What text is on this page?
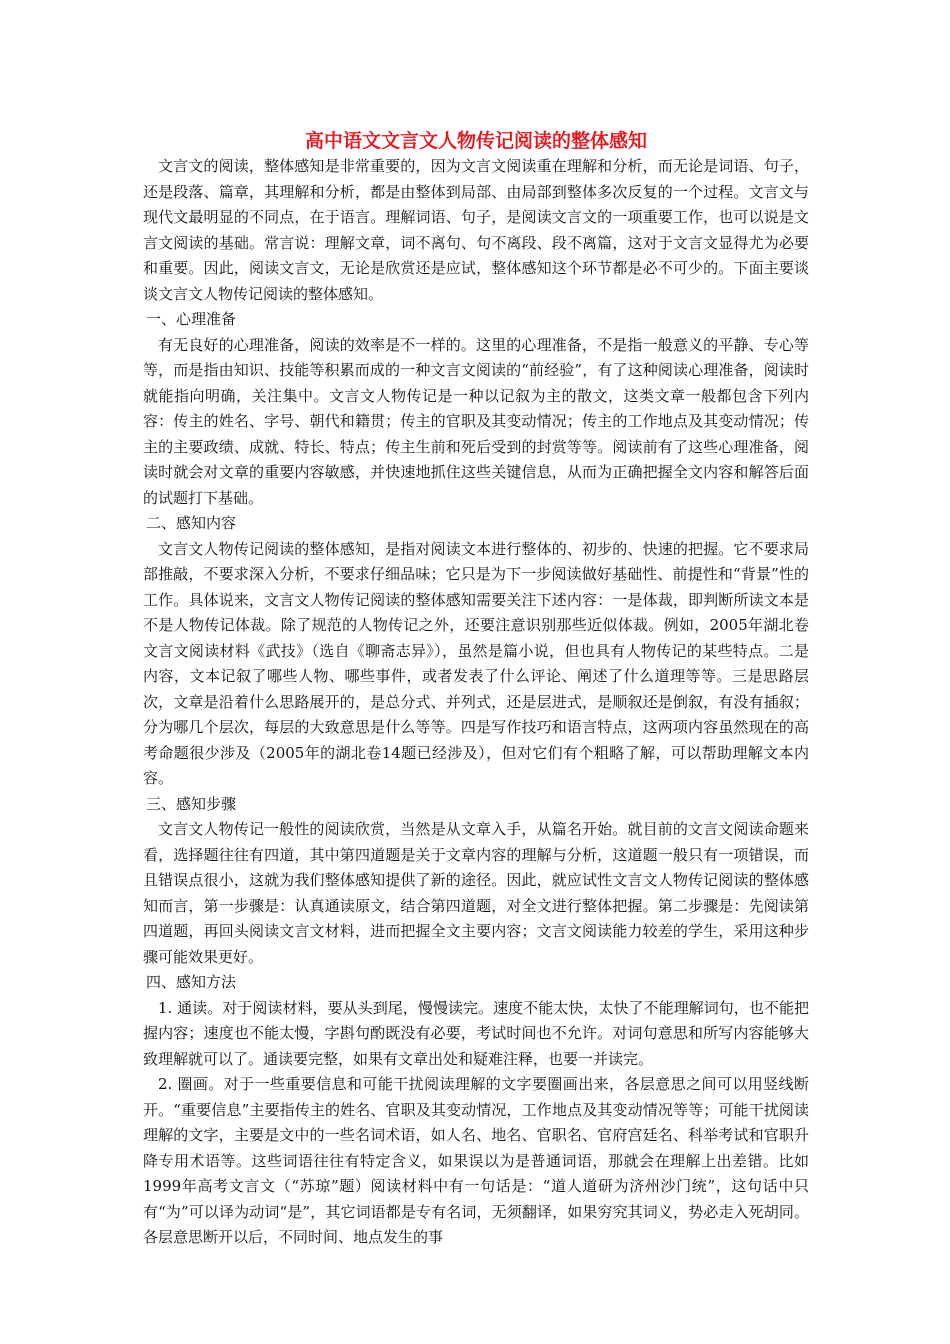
高中语文文言文人物传记阅读的整体感知

文言文的阅读，整体感知是非常重要的，因为文言文阅读重在理解和分析，而无论是词语、句子，还是段落、篇章，其理解和分析，都是由整体到局部、由局部到整体多次反复的一个过程。文言文与现代文最明显的不同点，在于语言。理解词语、句子，是阅读文言文的一项重要工作，也可以说是文言文阅读的基础。常言说：理解文章，词不离句、句不离段、段不离篇，这对于文言文显得尤为必要和重要。因此，阅读文言文，无论是欣赏还是应试，整体感知这个环节都是必不可少的。下面主要谈谈文言文人物传记阅读的整体感知。

一、心理准备

有无良好的心理准备，阅读的效率是不一样的。这里的心理准备，不是指一般意义的平静、专心等等，而是指由知识、技能等积累而成的一种文言文阅读的“前经验”，有了这种阅读心理准备，阅读时就能指向明确，关注集中。文言文人物传记是一种以记叙为主的散文，这类文章一般都包含下列内容：传主的姓名、字号、朝代和籍贯；传主的官职及其变动情况；传主的工作地点及其变动情况；传主的主要政绩、成就、特长、特点；传主生前和死后受到的封赏等等。阅读前有了这些心理准备，阅读时就会对文章的重要内容敏感，并快速地抓住这些关键信息，从而为正确把握全文内容和解答后面的试题打下基础。

二、感知内容

文言文人物传记阅读的整体感知，是指对阅读文本进行整体的、初步的、快速的把握。它不要求局部推敲，不要求深入分析，不要求仔细品味；它只是为下一步阅读做好基础性、前提性和“背景”性的工作。具体说来，文言文人物传记阅读的整体感知需要关注下述内容：一是体裁，即判断所读文本是不是人物传记体裁。除了规范的人物传记之外，还要注意识别那些近似体裁。例如，2005年湖北卷文言文阅读材料《武技》（选自《聊斋志异》），虽然是篇小说，但也具有人物传记的某些特点。二是内容，文本记叙了哪些人物、哪些事件，或者发表了什么评论、阐述了什么道理等等。三是思路层次，文章是沿着什么思路展开的，是总分式、并列式，还是层进式，是顺叙还是倒叙，有没有插叙；分为哪几个层次，每层的大致意思是什么等等。四是写作技巧和语言特点，这两项内容虽然现在的高考命题很少涉及（2005年的湖北卷14题已经涉及），但对它们有个粗略了解，可以帮助理解文本内容。

三、感知步骤

文言文人物传记一般性的阅读欣赏，当然是从文章入手，从篇名开始。就目前的文言文阅读命题来看，选择题往往有四道，其中第四道题是关于文章内容的理解与分析，这道题一般只有一项错误，而且错误点很小，这就为我们整体感知提供了新的途径。因此，就应试性文言文人物传记阅读的整体感知而言，第一步骤是：认真通读原文，结合第四道题，对全文进行整体把握。第二步骤是：先阅读第四道题，再回头阅读文言文材料，进而把握全文主要内容；文言文阅读能力较差的学生，采用这种步骤可能效果更好。

四、感知方法

1. 通读。对于阅读材料，要从头到尾，慢慢读完。速度不能太快，太快了不能理解词句，也不能把握内容；速度也不能太慢，字斟句酌既没有必要，考试时间也不允许。对词句意思和所写内容能够大致理解就可以了。通读要完整，如果有文章出处和疑难注释，也要一并读完。

2. 圈画。对于一些重要信息和可能干扰阅读理解的文字要圈画出来，各层意思之间可以用竖线断开。“重要信息”主要指传主的姓名、官职及其变动情况，工作地点及其变动情况等等；可能干扰阅读理解的文字，主要是文中的一些名词术语，如人名、地名、官职名、官府宫廷名、科举考试和官职升降专用术语等。这些词语往往有特定含义，如果误以为是普通词语，那就会在理解上出差错。比如1999年高考文言文（“苏琼”题）阅读材料中有一句话是：“道人道研为济州沙门统”，这句话中只有“为”可以译为动词“是”，其它词语都是专有名词，无须翻译，如果穷究其词义，势必走入死胡同。各层意思断开以后，不同时间、地点发生的事
